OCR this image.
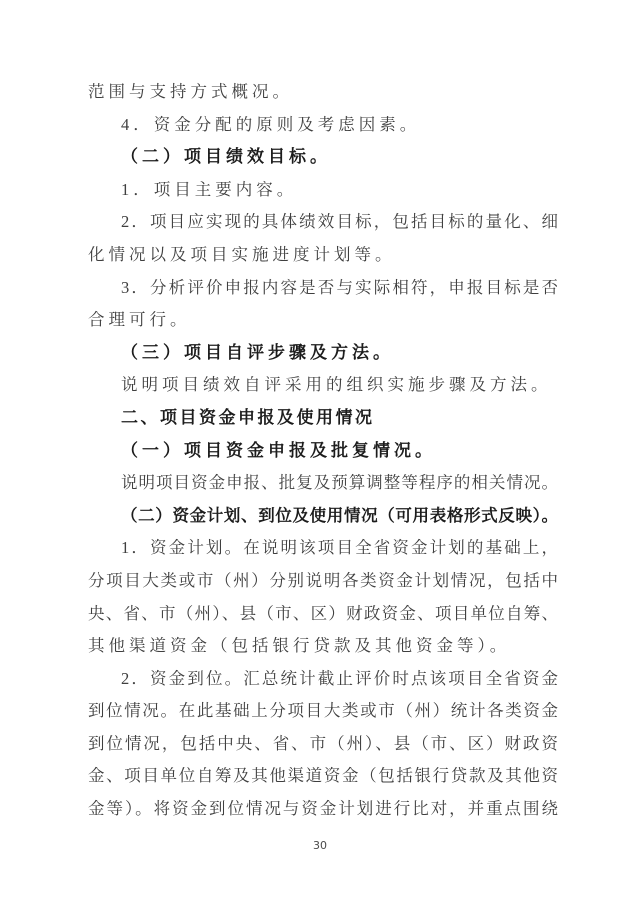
范围与支持方式概况。
4．资金分配的原则及考虑因素。
（二）项目绩效目标。
1．项目主要内容。
2．项目应实现的具体绩效目标，包括目标的量化、细
化情况以及项目实施进度计划等。
3．分析评价申报内容是否与实际相符，申报目标是否
合理可行。
（三）项目自评步骤及方法。
说明项目绩效自评采用的组织实施步骤及方法。
二、项目资金申报及使用情况
（一）项目资金申报及批复情况。
说明项目资金申报、批复及预算调整等程序的相关情况。
（二）资金计划、到位及使用情况（可用表格形式反映）。
1．资金计划。在说明该项目全省资金计划的基础上，
分项目大类或市（州）分别说明各类资金计划情况，包括中
央、省、市（州）、县（市、区）财政资金、项目单位自筹、
其他渠道资金（包括银行贷款及其他资金等）。
2．资金到位。汇总统计截止评价时点该项目全省资金
到位情况。在此基础上分项目大类或市（州）统计各类资金
到位情况，包括中央、省、市（州）、县（市、区）财政资
金、项目单位自筹及其他渠道资金（包括银行贷款及其他资
金等）。将资金到位情况与资金计划进行比对，并重点围绕
30
